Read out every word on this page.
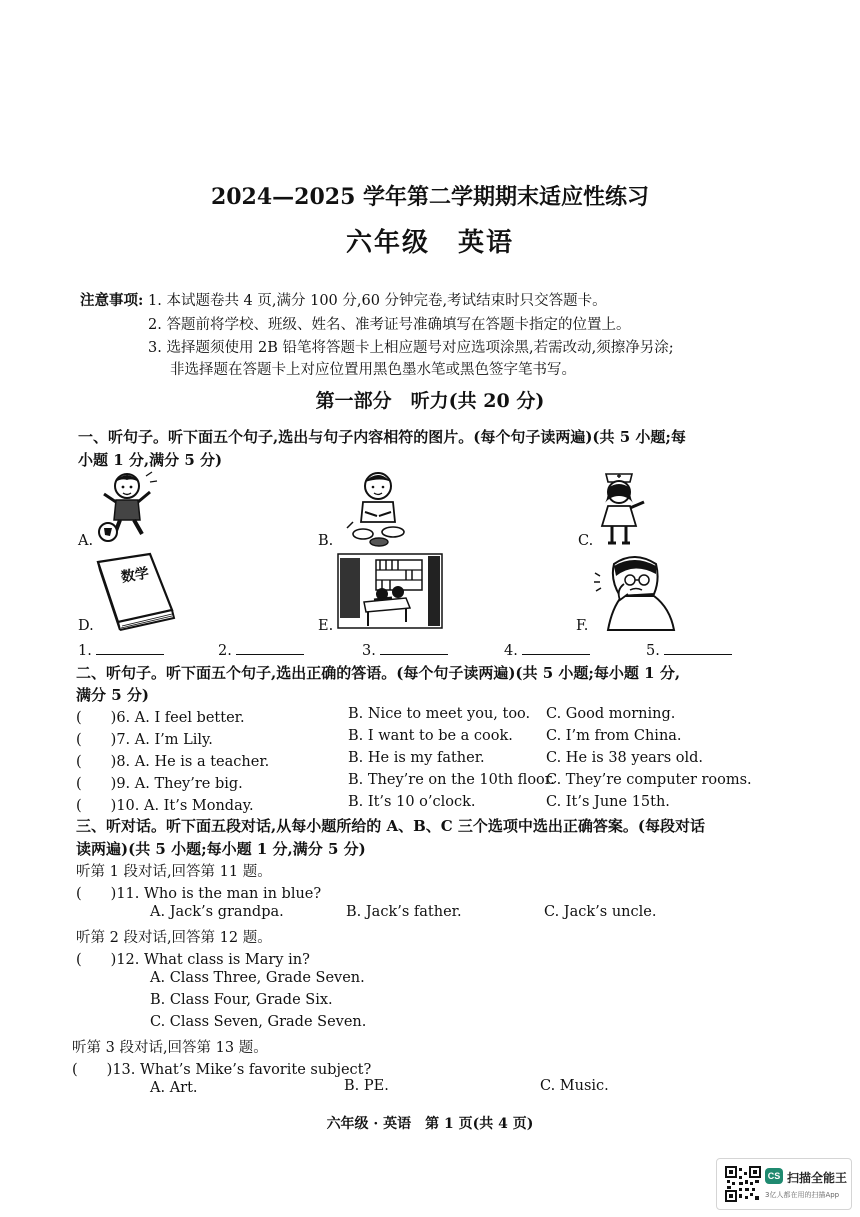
2024—2025 学年第二学期期末适应性练习
六年级　英语
注意事项: 1. 本试题卷共 4 页,满分 100 分,60 分钟完卷,考试结束时只交答题卡。
2. 答题前将学校、班级、姓名、准考证号准确填写在答题卡指定的位置上。
3. 选择题须使用 2B 铅笔将答题卡上相应题号对应选项涂黑,若需改动,须擦净另涂;
非选择题在答题卡上对应位置用黑色墨水笔或黑色签字笔书写。
第一部分　听力(共 20 分)
一、听句子。听下面五个句子,选出与句子内容相符的图片。(每个句子读两遍)(共 5 小题;每
小题 1 分,满分 5 分)
A.	B.	C.
数学
D.	E.	F.
1.	2.	3.	4.	5.
二、听句子。听下面五个句子,选出正确的答语。(每个句子读两遍)(共 5 小题;每小题 1 分,
满分 5 分)
(　　)6. A. I feel better.	B. Nice to meet you, too. C. Good morning.
(　　)7. A. I’m Lily.	B. I want to be a cook. C. I’m from China.
(　　)8. A. He is a teacher.	B. He is my father.	C. He is 38 years old.
(　　)9. A. They’re big.	B. They’re on the 10th floor.
C. They’re computer rooms.
(　　)10. A. It’s Monday.	B. It’s 10 o’clock.	C. It’s June 15th.
三、听对话。听下面五段对话,从每小题所给的 A、B、C 三个选项中选出正确答案。(每段对话
读两遍)(共 5 小题;每小题 1 分,满分 5 分)
听第 1 段对话,回答第 11 题。
(　　)11. Who is the man in blue?
A. Jack’s grandpa.	B. Jack’s father.	C. Jack’s uncle.
听第 2 段对话,回答第 12 题。
(　　)12. What class is Mary in?
A. Class Three, Grade Seven.
B. Class Four, Grade Six.
C. Class Seven, Grade Seven.
听第 3 段对话,回答第 13 题。
(　　)13. What’s Mike’s favorite subject?
A. Art.	B. PE.	C. Music.
六年级 · 英语　第 1 页(共 4 页)
CS 扫描全能王
3亿人都在用的扫描App
